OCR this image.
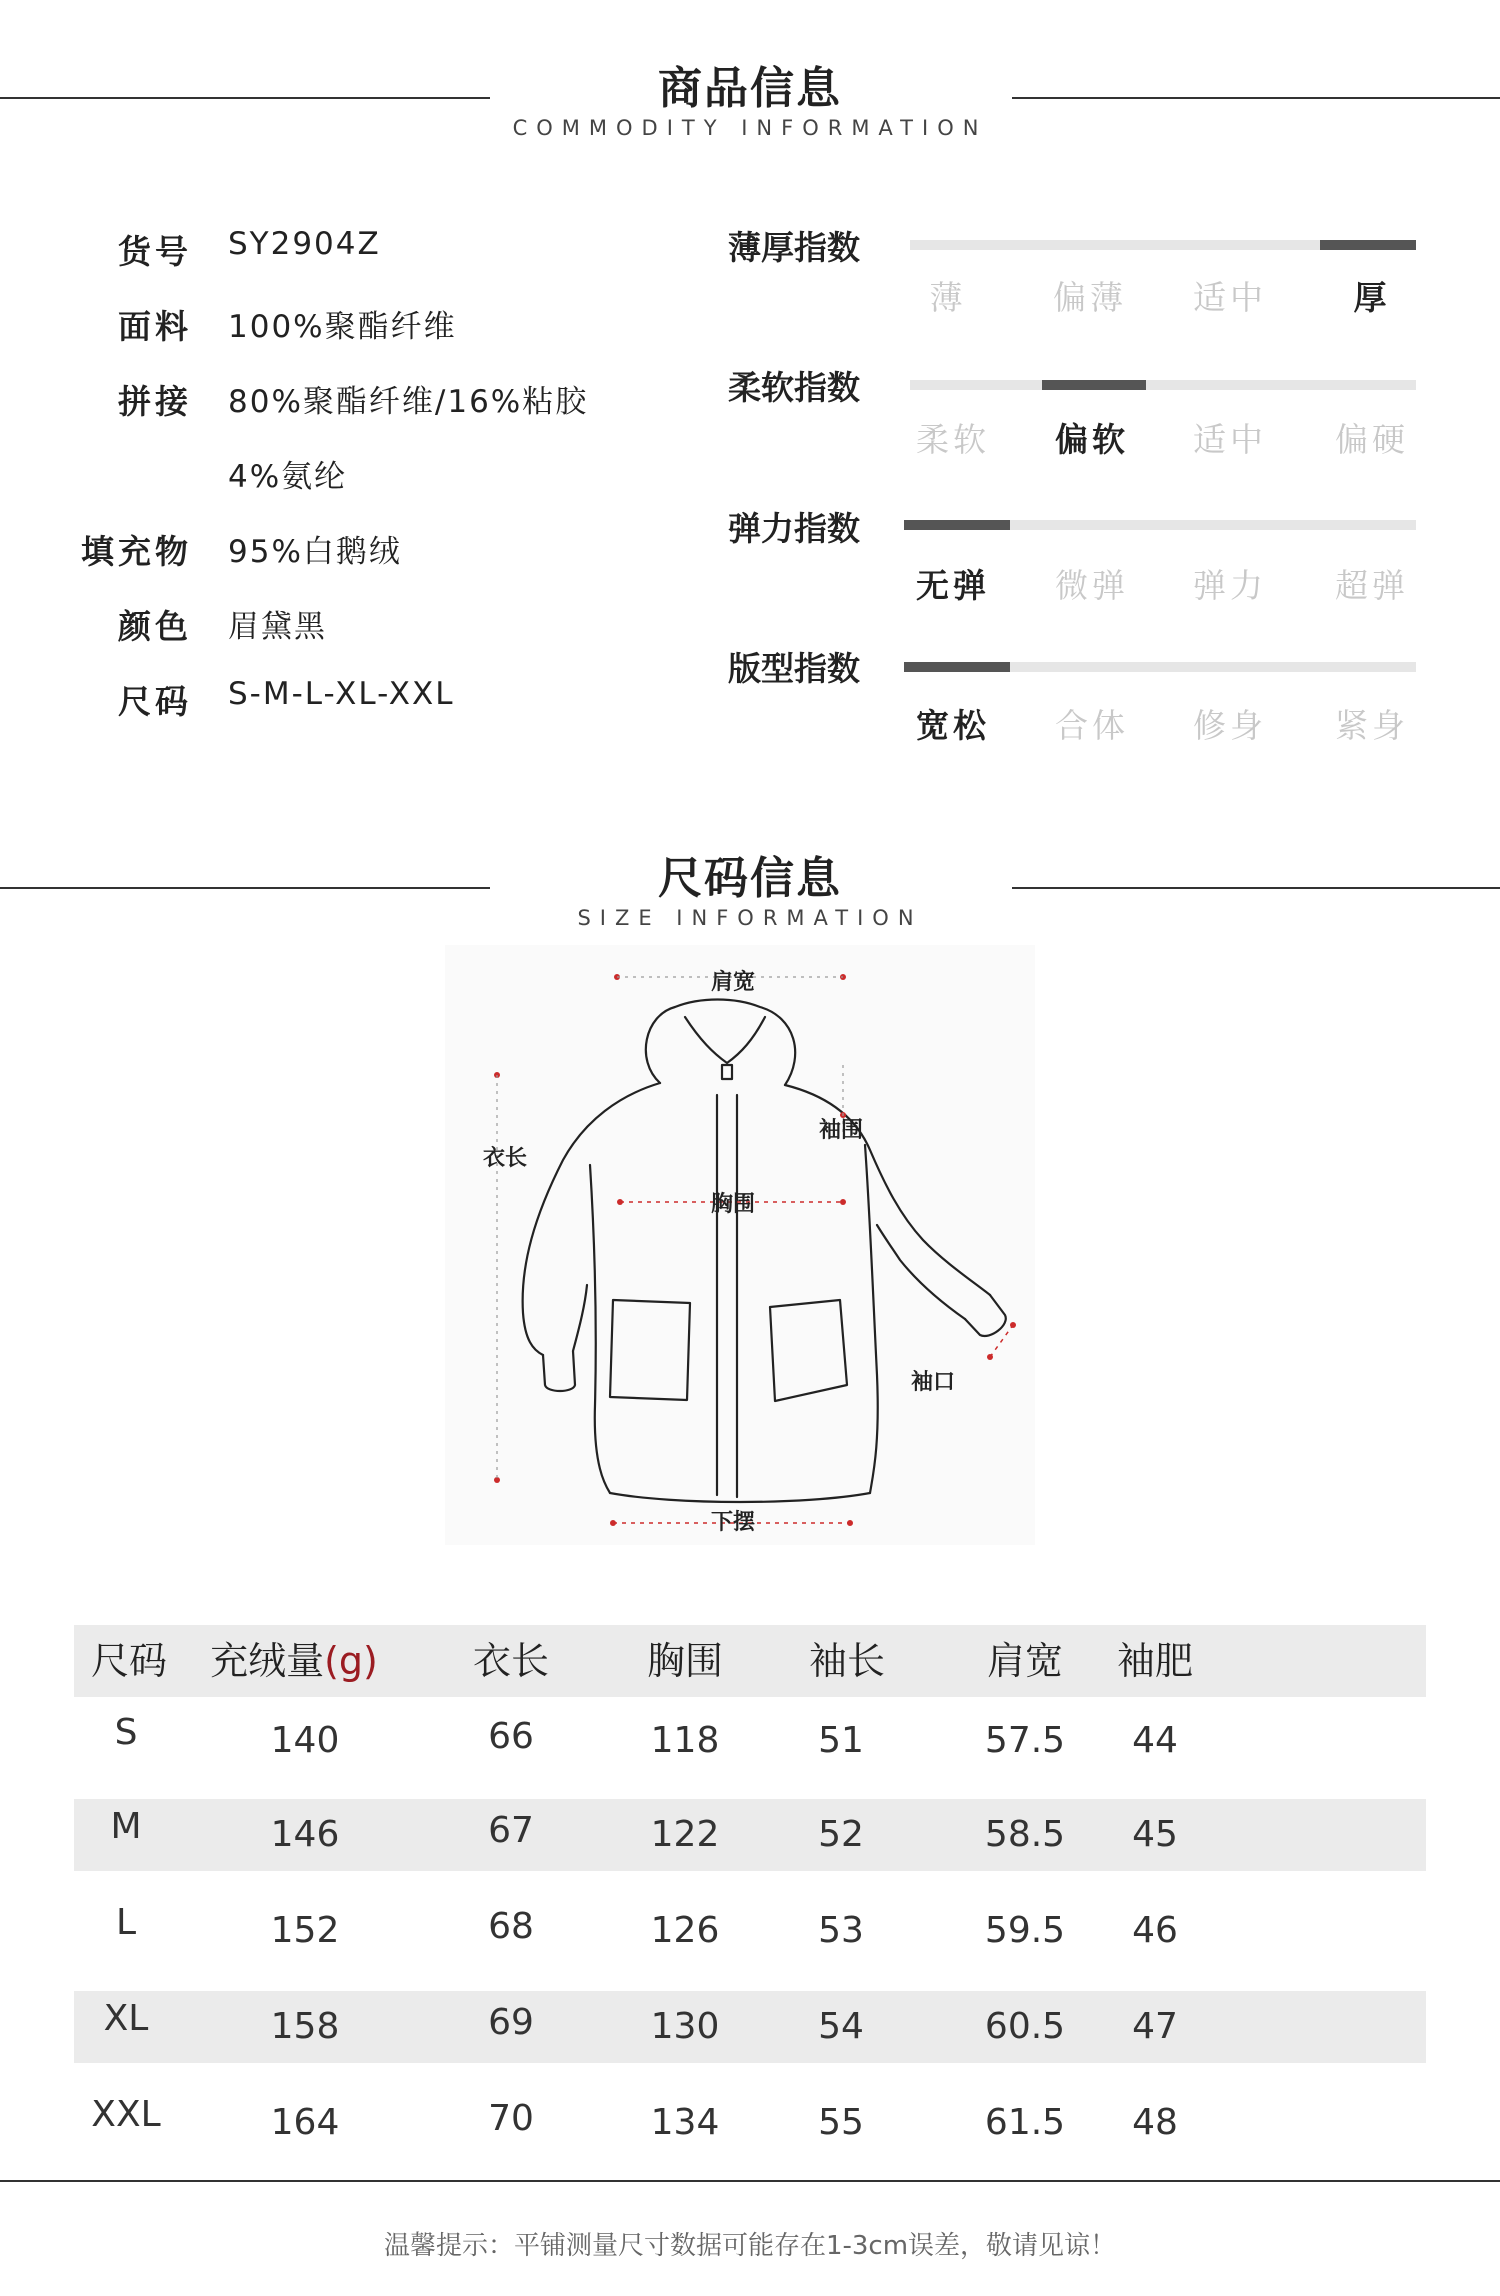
商品信息
COMMODITY INFORMATION
货号 SY2904Z
面料 100%聚酯纤维
拼接 80%聚酯纤维/16%粘胶
4%氨纶
填充物 95%白鹅绒
颜色 眉黛黑
尺码 S-M-L-XL-XXL
薄厚指数
薄	偏薄	适中	厚
柔软指数
柔软	偏软	适中	偏硬
弹力指数
无弹	微弹	弹力	超弹
版型指数
宽松	合体	修身	紧身
尺码信息
SIZE INFORMATION
肩宽
衣长
袖围
胸围
袖口
下摆
尺码	充绒量(g)	衣长	胸围	袖长	肩宽	袖肥
S	140	66	118	51	57.5	44
M	146	67	122	52	58.5	45
L	152	68	126	53	59.5	46
XL	158	69	130	54	60.5	47
XXL	164	70	134	55	61.5	48
温馨提示：平铺测量尺寸数据可能存在1-3cm误差，敬请见谅！
